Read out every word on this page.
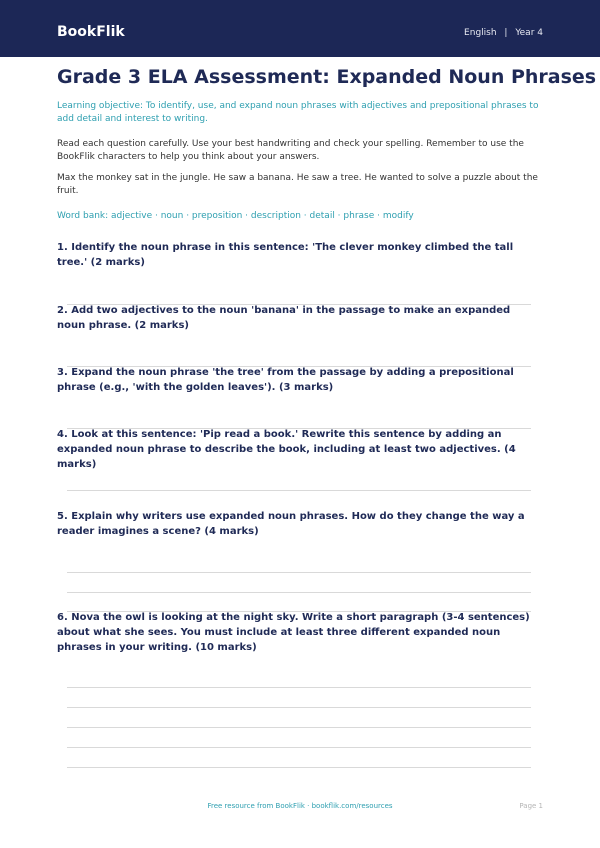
BookFlik	English | Year 4
Grade 3 ELA Assessment: Expanded Noun Phrases

Learning objective: To identify, use, and expand noun phrases with adjectives and prepositional phrases to add detail and interest to writing.

Read each question carefully. Use your best handwriting and check your spelling. Remember to use the BookFlik characters to help you think about your answers.

Max the monkey sat in the jungle. He saw a banana. He saw a tree. He wanted to solve a puzzle about the fruit.

Word bank: adjective · noun · preposition · description · detail · phrase · modify

1. Identify the noun phrase in this sentence: 'The clever monkey climbed the tall tree.' (2 marks)

2. Add two adjectives to the noun 'banana' in the passage to make an expanded noun phrase. (2 marks)

3. Expand the noun phrase 'the tree' from the passage by adding a prepositional phrase (e.g., 'with the golden leaves'). (3 marks)

4. Look at this sentence: 'Pip read a book.' Rewrite this sentence by adding an expanded noun phrase to describe the book, including at least two adjectives. (4 marks)

5. Explain why writers use expanded noun phrases. How do they change the way a reader imagines a scene? (4 marks)

6. Nova the owl is looking at the night sky. Write a short paragraph (3-4 sentences) about what she sees. You must include at least three different expanded noun phrases in your writing. (10 marks)

Free resource from BookFlik · bookflik.com/resources	Page 1
